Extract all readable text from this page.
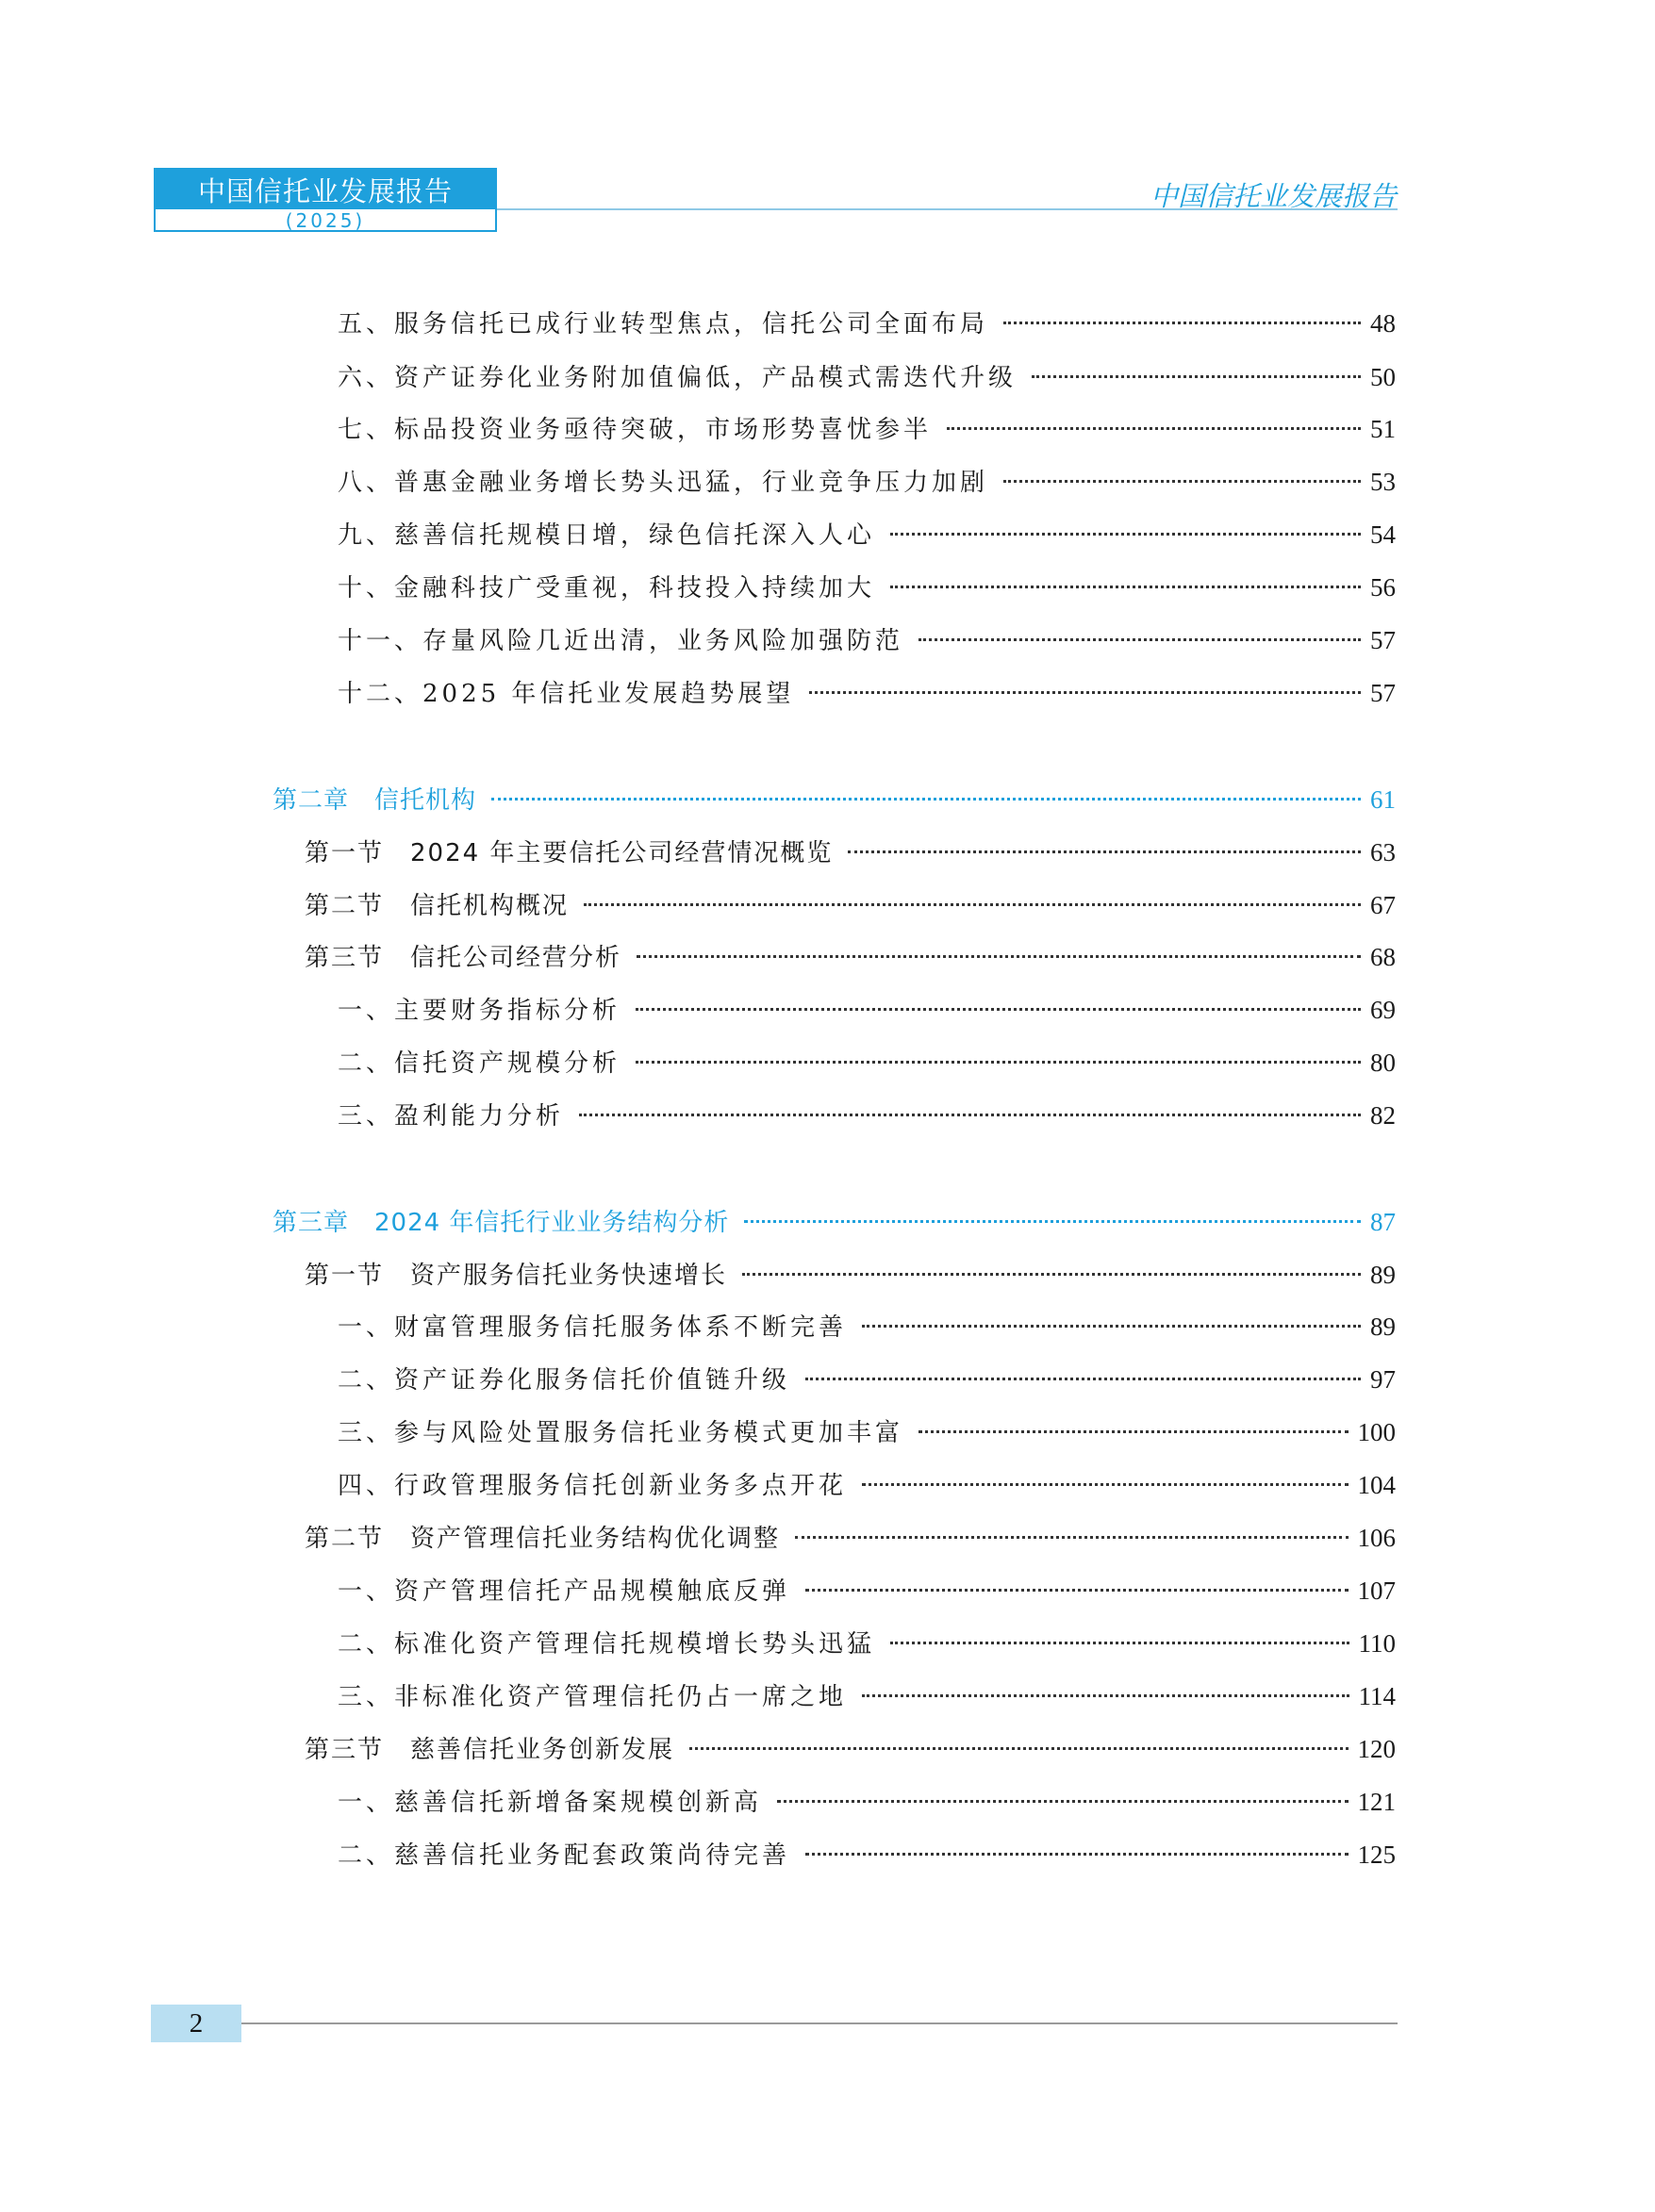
中国信托业发展报告
(2025)
中国信托业发展报告
五、服务信托已成行业转型焦点，信托公司全面布局	48
六、资产证券化业务附加值偏低，产品模式需迭代升级	50
七、标品投资业务亟待突破，市场形势喜忧参半	51
八、普惠金融业务增长势头迅猛，行业竞争压力加剧	53
九、慈善信托规模日增，绿色信托深入人心	54
十、金融科技广受重视，科技投入持续加大	56
十一、存量风险几近出清，业务风险加强防范	57
十二、2025 年信托业发展趋势展望	57
第二章　信托机构	61
第一节　2024 年主要信托公司经营情况概览	63
第二节　信托机构概况	67
第三节　信托公司经营分析	68
一、主要财务指标分析	69
二、信托资产规模分析	80
三、盈利能力分析	82
第三章　2024 年信托行业业务结构分析	87
第一节　资产服务信托业务快速增长	89
一、财富管理服务信托服务体系不断完善	89
二、资产证券化服务信托价值链升级	97
三、参与风险处置服务信托业务模式更加丰富	100
四、行政管理服务信托创新业务多点开花	104
第二节　资产管理信托业务结构优化调整	106
一、资产管理信托产品规模触底反弹	107
二、标准化资产管理信托规模增长势头迅猛	110
三、非标准化资产管理信托仍占一席之地	114
第三节　慈善信托业务创新发展	120
一、慈善信托新增备案规模创新高	121
二、慈善信托业务配套政策尚待完善	125
2
